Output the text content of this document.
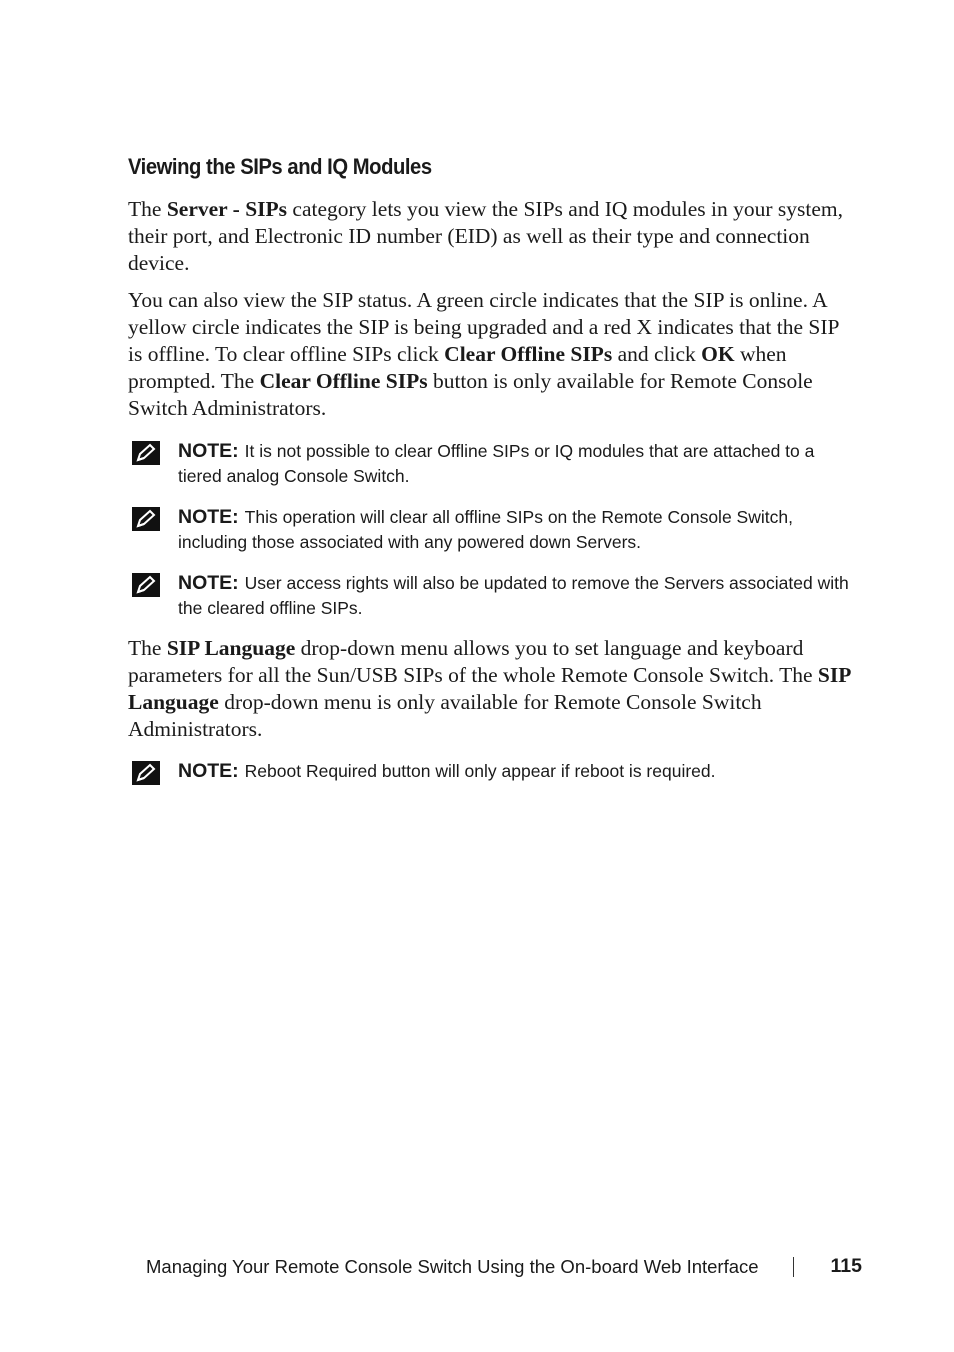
Viewing the SIPs and IQ Modules

The Server - SIPs category lets you view the SIPs and IQ modules in your system, their port, and Electronic ID number (EID) as well as their type and connection device.

You can also view the SIP status. A green circle indicates that the SIP is online. A yellow circle indicates the SIP is being upgraded and a red X indicates that the SIP is offline. To clear offline SIPs click Clear Offline SIPs and click OK when prompted. The Clear Offline SIPs button is only available for Remote Console Switch Administrators.

NOTE: It is not possible to clear Offline SIPs or IQ modules that are attached to a tiered analog Console Switch.
NOTE: This operation will clear all offline SIPs on the Remote Console Switch, including those associated with any powered down Servers.
NOTE: User access rights will also be updated to remove the Servers associated with the cleared offline SIPs.

The SIP Language drop-down menu allows you to set language and keyboard parameters for all the Sun/USB SIPs of the whole Remote Console Switch. The SIP Language drop-down menu is only available for Remote Console Switch Administrators.

NOTE: Reboot Required button will only appear if reboot is required.
Managing Your Remote Console Switch Using the On-board Web Interface	115
